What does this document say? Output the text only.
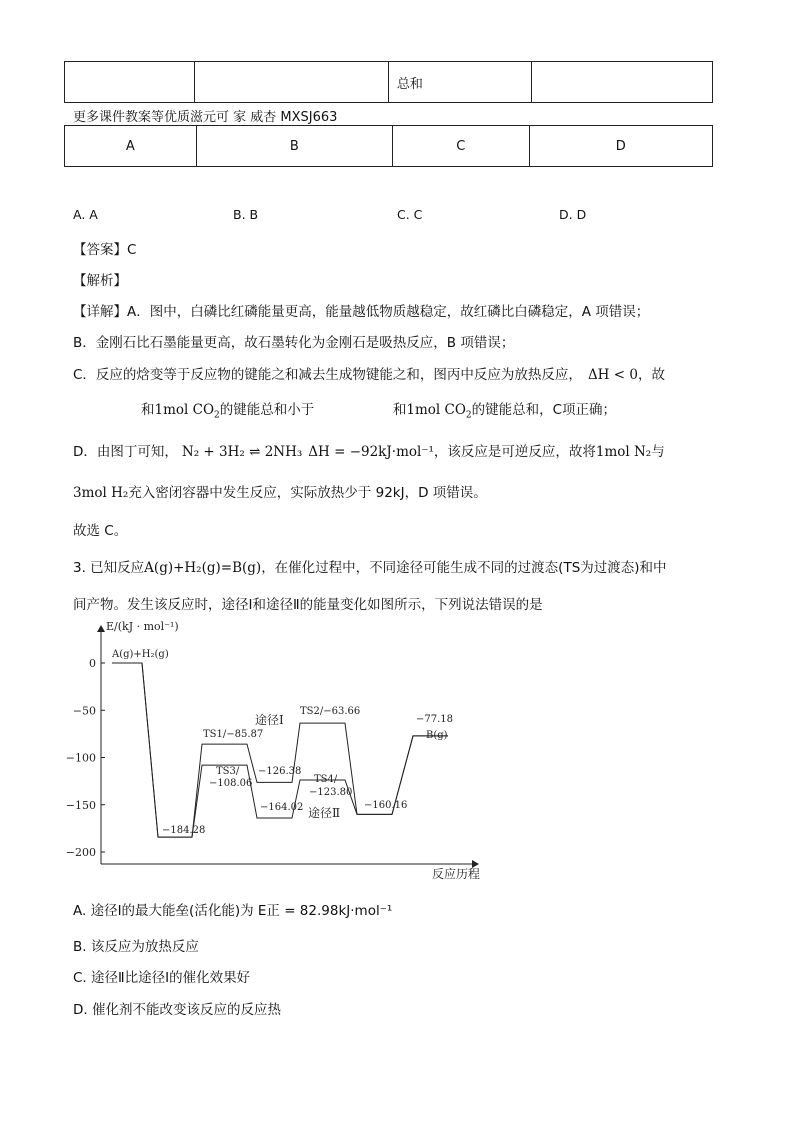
		总和	
更多课件教案等优质滋元可 家 威杏 MXSJ663
A	B	C	D
A. A	B. B	C. C	D. D
【答案】C
【解析】
【详解】A．图中，白磷比红磷能量更高，能量越低物质越稳定，故红磷比白磷稳定，A 项错误；
B．金刚石比石墨能量更高，故石墨转化为金刚石是吸热反应，B 项错误；
C．反应的焓变等于反应物的键能之和减去生成物键能之和，图丙中反应为放热反应， ΔH < 0，故
和1mol $CO_2$的键能总和小于	和1mol $CO_2$的键能总和，C项正确；
D．由图丁可知， N₂ + 3H₂ ⇌ 2NH₃ ΔH = −92kJ·mol⁻¹，该反应是可逆反应，故将1mol N₂与
3mol H₂充入密闭容器中发生反应，实际放热少于 92kJ，D 项错误。
故选 C。
3. 已知反应A(g)+H₂(g)=B(g)，在催化过程中，不同途径可能生成不同的过渡态(TS为过渡态)和中
间产物。发生该反应时，途径Ⅰ和途径Ⅱ的能量变化如图所示，下列说法错误的是
E/(kJ · mol⁻¹)
反应历程
0
−50
−100
−150
−200
A(g)+H₂(g)
TS1/−85.87
TS2/−63.66
TS3/
−108.06	TS4/
−123.80
−184.28
−126.38
−164.02	−160.16
−77.18
B(g)
途径Ⅰ
途径Ⅱ
A. 途径Ⅰ的最大能垒(活化能)为 E正 = 82.98kJ·mol⁻¹
B. 该反应为放热反应
C. 途径Ⅱ比途径Ⅰ的催化效果好
D. 催化剂不能改变该反应的反应热
